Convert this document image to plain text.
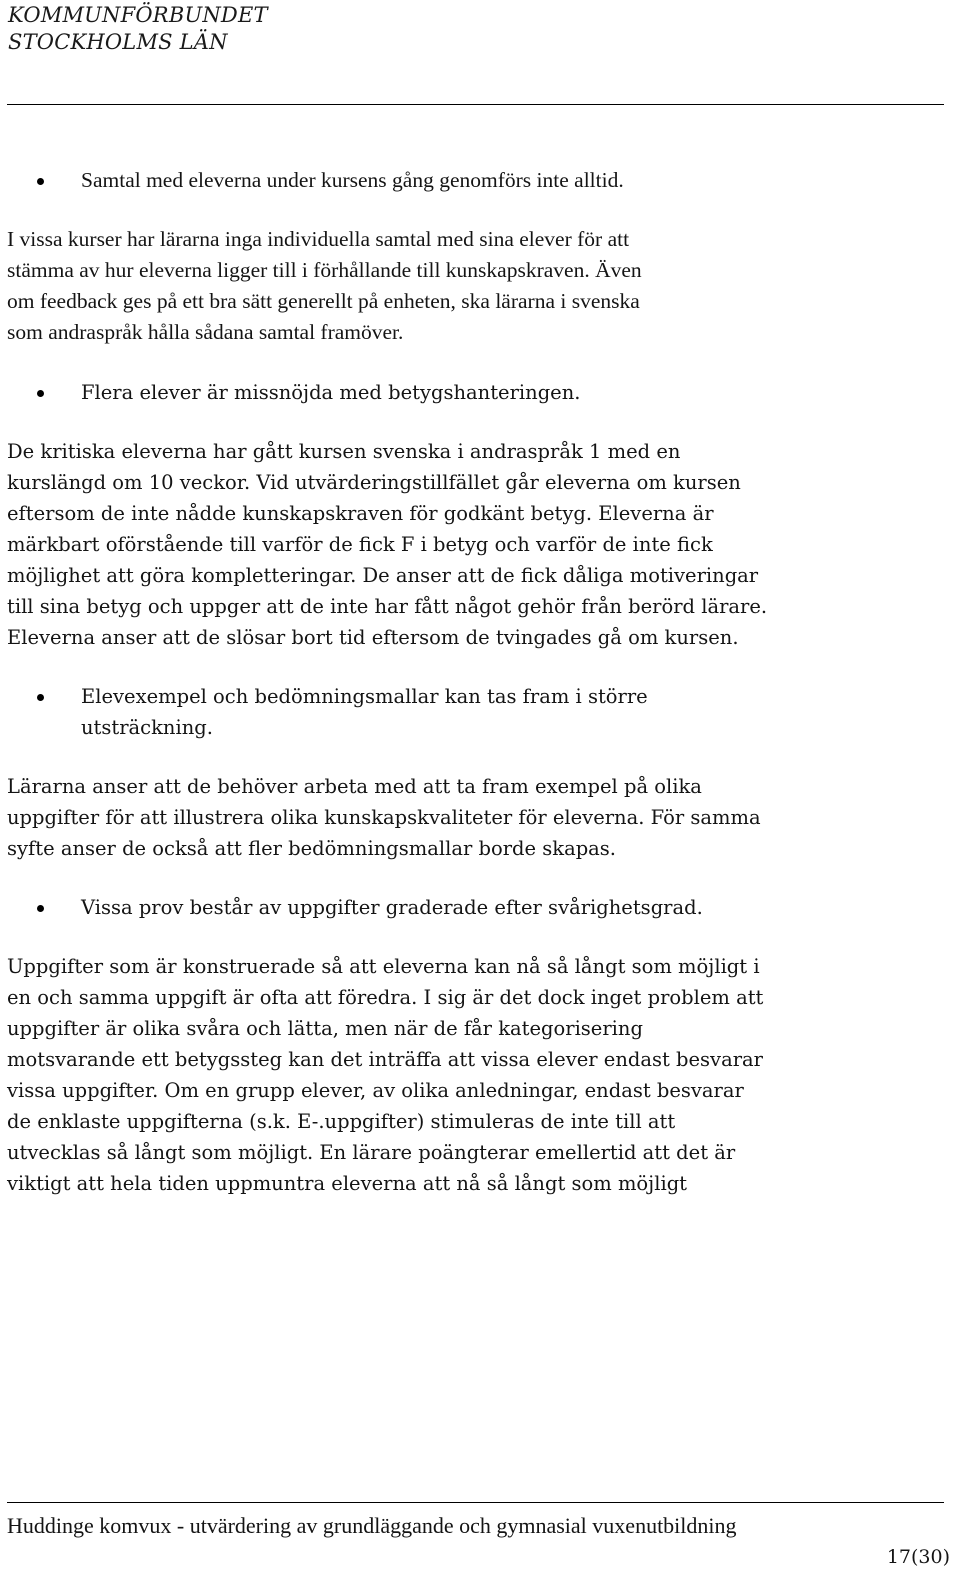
KOMMUNFÖRBUNDET
STOCKHOLMS LÄN
Samtal med eleverna under kursens gång genomförs inte alltid.
I vissa kurser har lärarna inga individuella samtal med sina elever för att
stämma av hur eleverna ligger till i förhållande till kunskapskraven. Även
om feedback ges på ett bra sätt generellt på enheten, ska lärarna i svenska
som andraspråk hålla sådana samtal framöver.
Flera elever är missnöjda med betygshanteringen.
De kritiska eleverna har gått kursen svenska i andraspråk 1 med en
kurslängd om 10 veckor. Vid utvärderingstillfället går eleverna om kursen
eftersom de inte nådde kunskapskraven för godkänt betyg. Eleverna är
märkbart oförstående till varför de fick F i betyg och varför de inte fick
möjlighet att göra kompletteringar. De anser att de fick dåliga motiveringar
till sina betyg och uppger att de inte har fått något gehör från berörd lärare.
Eleverna anser att de slösar bort tid eftersom de tvingades gå om kursen.
Elevexempel och bedömningsmallar kan tas fram i större
utsträckning.
Lärarna anser att de behöver arbeta med att ta fram exempel på olika
uppgifter för att illustrera olika kunskapskvaliteter för eleverna. För samma
syfte anser de också att fler bedömningsmallar borde skapas.
Vissa prov består av uppgifter graderade efter svårighetsgrad.
Uppgifter som är konstruerade så att eleverna kan nå så långt som möjligt i
en och samma uppgift är ofta att föredra. I sig är det dock inget problem att
uppgifter är olika svåra och lätta, men när de får kategorisering
motsvarande ett betygssteg kan det inträffa att vissa elever endast besvarar
vissa uppgifter. Om en grupp elever, av olika anledningar, endast besvarar
de enklaste uppgifterna (s.k. E-.uppgifter) stimuleras de inte till att
utvecklas så långt som möjligt. En lärare poängterar emellertid att det är
viktigt att hela tiden uppmuntra eleverna att nå så långt som möjligt
Huddinge komvux - utvärdering av grundläggande och gymnasial vuxenutbildning
17(30)
